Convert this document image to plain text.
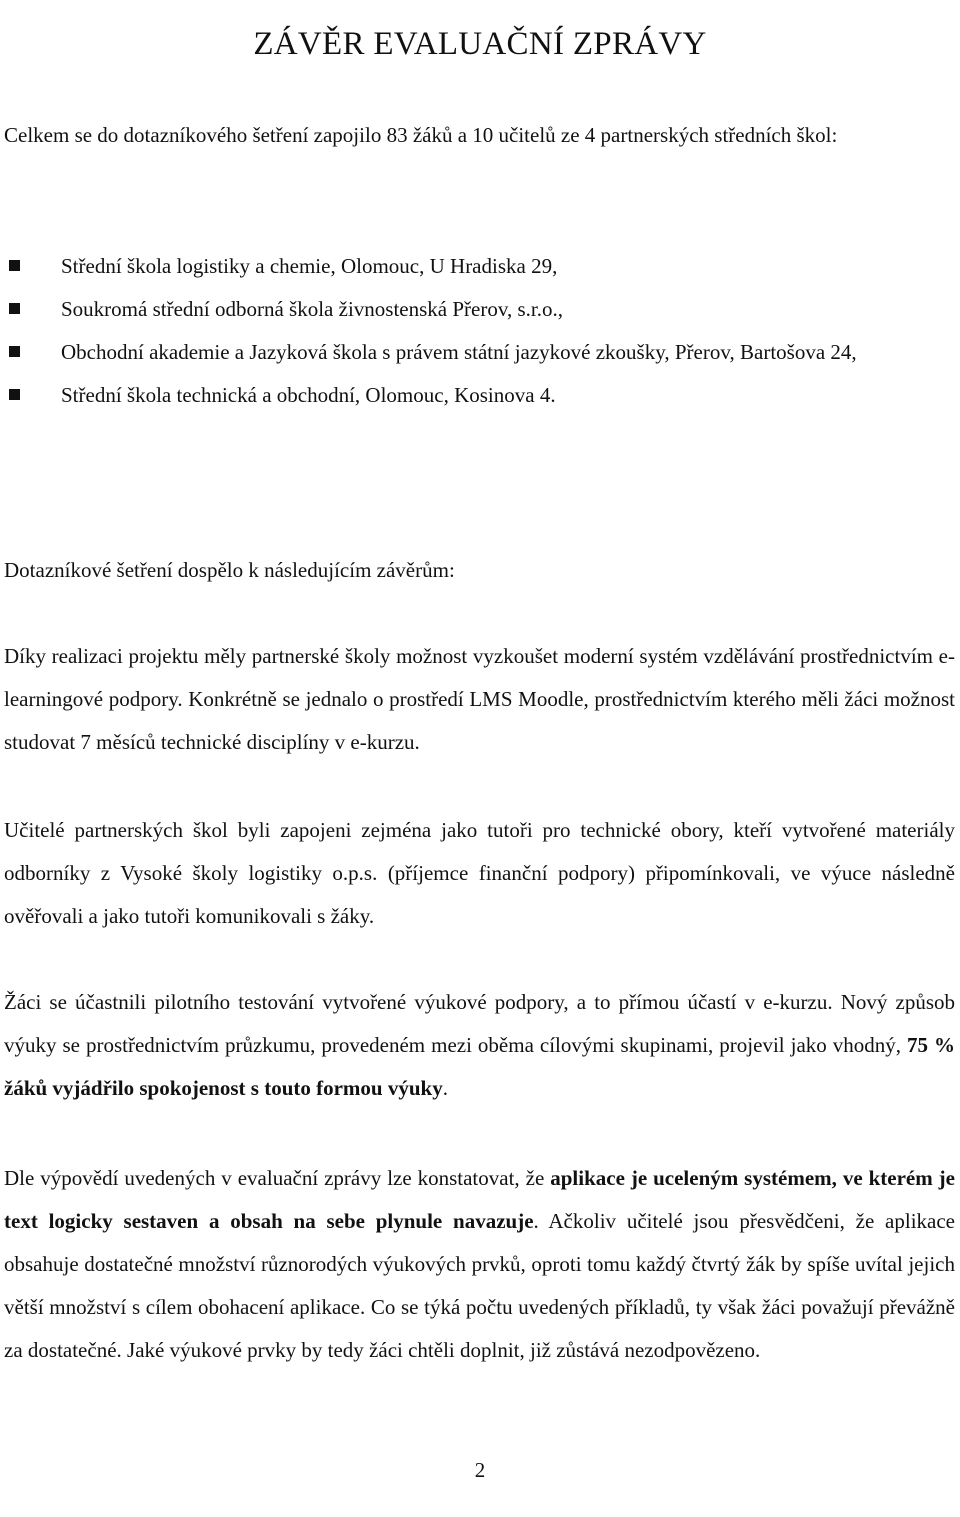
ZÁVĚR EVALUAČNÍ ZPRÁVY

Celkem se do dotazníkového šetření zapojilo 83 žáků a 10 učitelů ze 4 partnerských středních škol:

Střední škola logistiky a chemie, Olomouc, U Hradiska 29,
Soukromá střední odborná škola živnostenská Přerov, s.r.o.,
Obchodní akademie a Jazyková škola s právem státní jazykové zkoušky, Přerov, Bartošova 24,
Střední škola technická a obchodní, Olomouc, Kosinova 4.

Dotazníkové šetření dospělo k následujícím závěrům:

Díky realizaci projektu měly partnerské školy možnost vyzkoušet moderní systém vzdělávání prostřednictvím e-learningové podpory. Konkrétně se jednalo o prostředí LMS Moodle, prostřednictvím kterého měli žáci možnost studovat 7 měsíců technické disciplíny v e-kurzu.

Učitelé partnerských škol byli zapojeni zejména jako tutoři pro technické obory, kteří vytvořené materiály odborníky z Vysoké školy logistiky o.p.s. (příjemce finanční podpory) připomínkovali, ve výuce následně ověřovali a jako tutoři komunikovali s žáky.

Žáci se účastnili pilotního testování vytvořené výukové podpory, a to přímou účastí v e-kurzu. Nový způsob výuky se prostřednictvím průzkumu, provedeném mezi oběma cílovými skupinami, projevil jako vhodný, 75 % žáků vyjádřilo spokojenost s touto formou výuky.

Dle výpovědí uvedených v evaluační zprávy lze konstatovat, že aplikace je uceleným systémem, ve kterém je text logicky sestaven a obsah na sebe plynule navazuje. Ačkoliv učitelé jsou přesvědčeni, že aplikace obsahuje dostatečné množství různorodých výukových prvků, oproti tomu každý čtvrtý žák by spíše uvítal jejich větší množství s cílem obohacení aplikace. Co se týká počtu uvedených příkladů, ty však žáci považují převážně za dostatečné. Jaké výukové prvky by tedy žáci chtěli doplnit, již zůstává nezodpovězeno.

2
